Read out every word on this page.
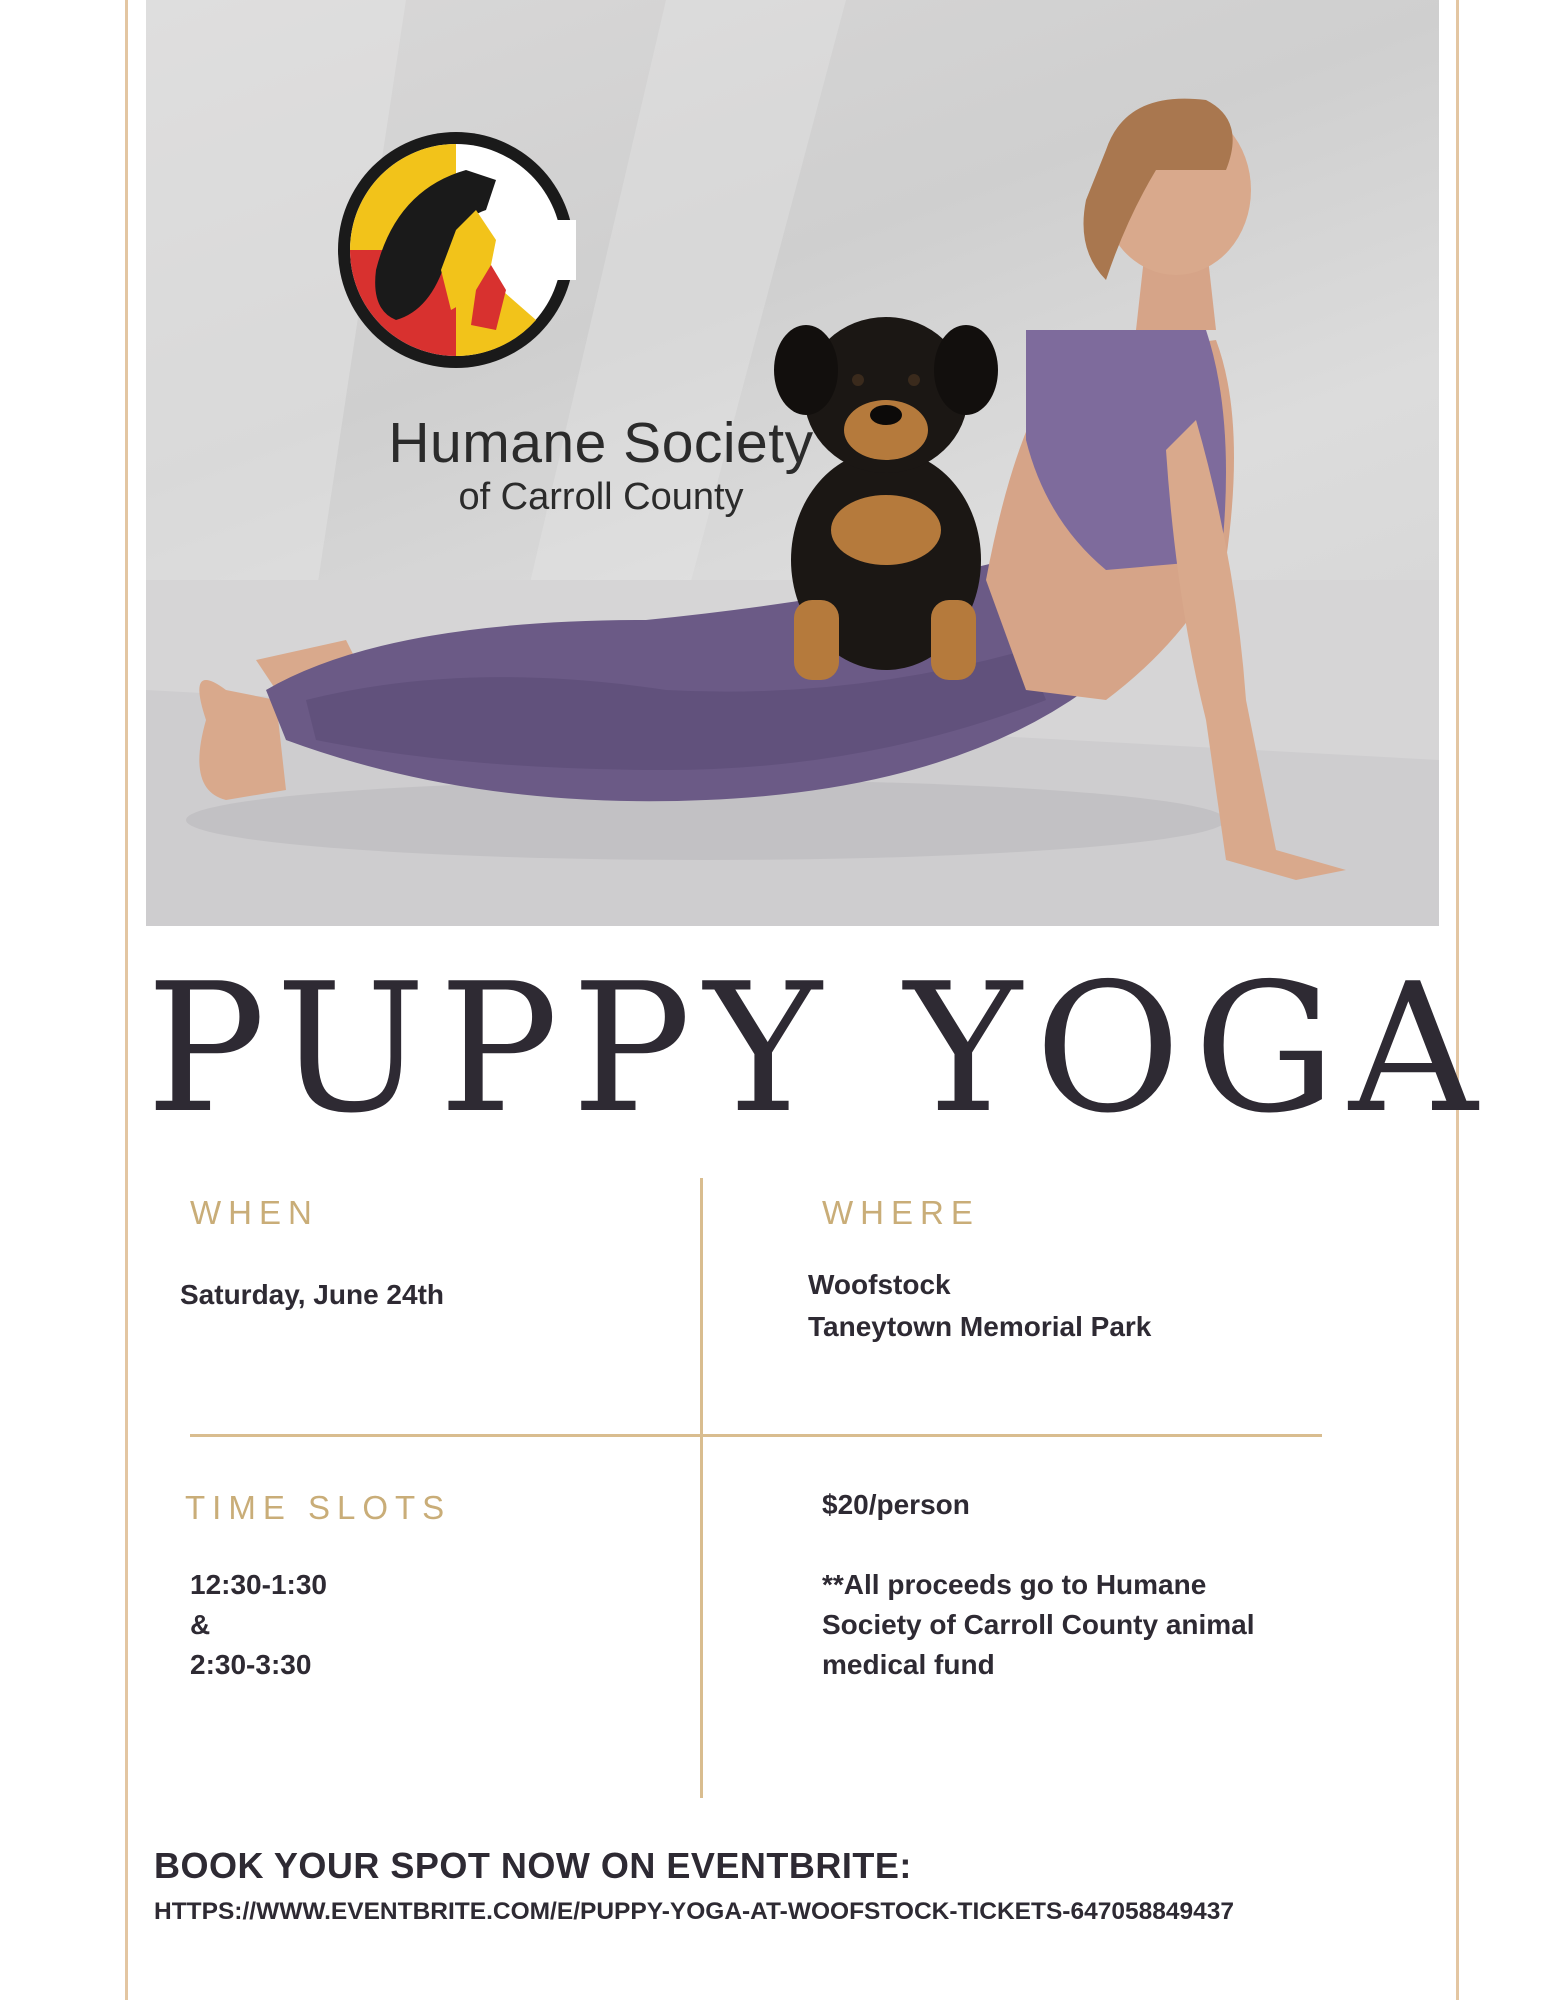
Humane Society
of Carroll County
PUPPY YOGA
WHEN
Saturday, June 24th
WHERE
Woofstock
Taneytown Memorial Park
TIME SLOTS
12:30-1:30
&
2:30-3:30
$20/person
**All proceeds go to Humane
Society of Carroll County animal
medical fund
BOOK YOUR SPOT NOW ON EVENTBRITE:
HTTPS://WWW.EVENTBRITE.COM/E/PUPPY-YOGA-AT-WOOFSTOCK-TICKETS-647058849437
